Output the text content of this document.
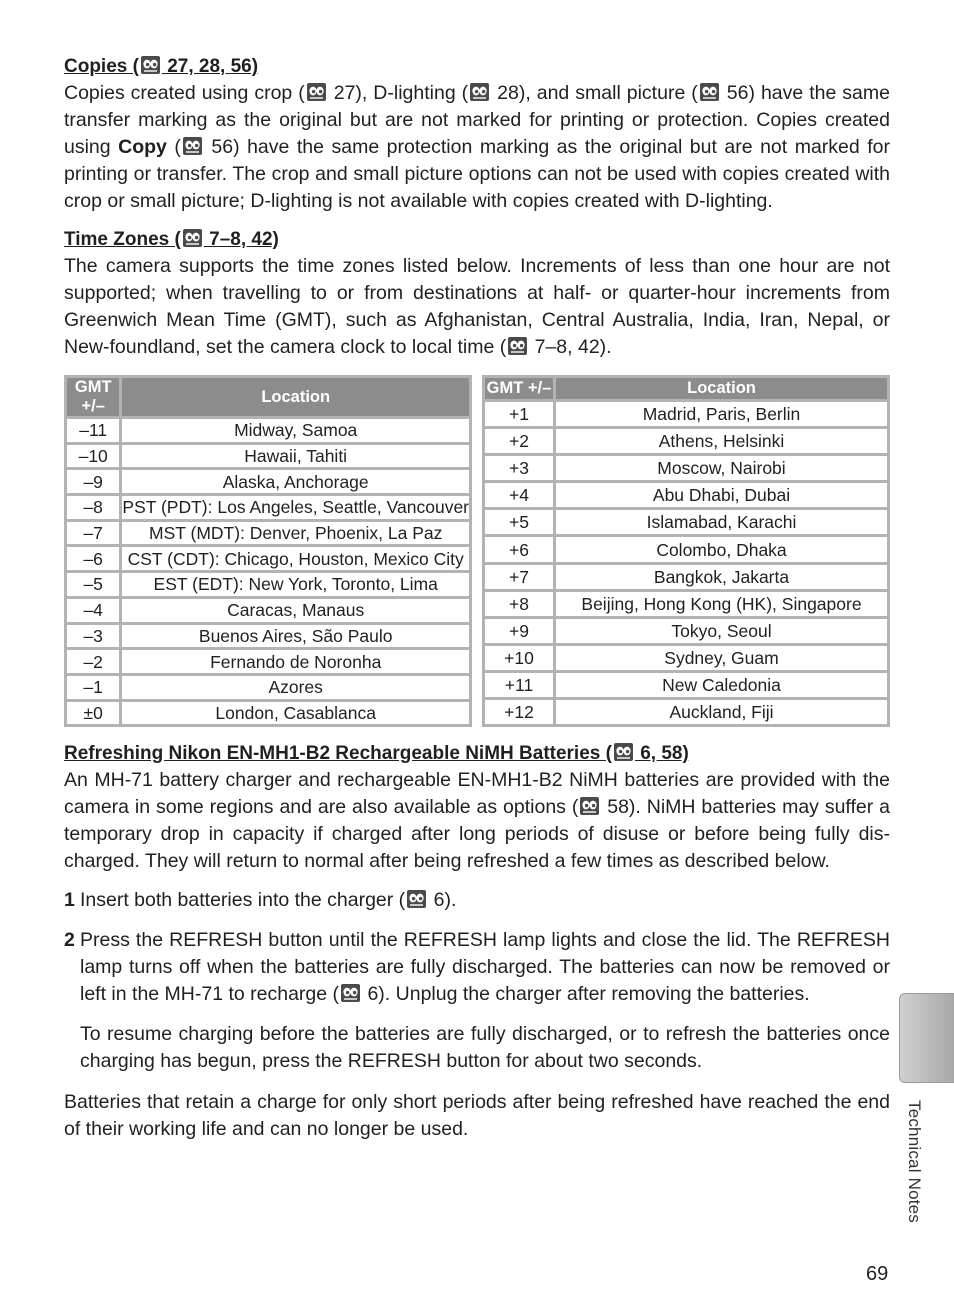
Copies (
27, 28, 56)

Copies created using crop (
27), D-lighting (
28), and small picture (
56) have the same transfer marking as the original but are not marked for printing or protection. Copies created using Copy (
56) have the same protection marking as the original but are not marked for printing or transfer. The crop and small picture options can not be used with copies created with crop or small picture; D-lighting is not available with copies created with D-lighting.

Time Zones (
7–8, 42)

The camera supports the time zones listed below. Increments of less than one hour are not supported; when travelling to or from destinations at half- or quarter-hour increments from Greenwich Mean Time (GMT), such as Afghanistan, Central Australia, India, Iran, Nepal, or New-foundland, set the camera clock to local time (
7–8, 42).

GMT +/–	Location
–11	Midway, Samoa
–10	Hawaii, Tahiti
–9	Alaska, Anchorage
–8	PST (PDT): Los Angeles, Seattle, Vancouver
–7	MST (MDT): Denver, Phoenix, La Paz
–6	CST (CDT): Chicago, Houston, Mexico City
–5	EST (EDT): New York, Toronto, Lima
–4	Caracas, Manaus
–3	Buenos Aires, São Paulo
–2	Fernando de Noronha
–1	Azores
±0	London, Casablanca
GMT +/–	Location
+1	Madrid, Paris, Berlin
+2	Athens, Helsinki
+3	Moscow, Nairobi
+4	Abu Dhabi, Dubai
+5	Islamabad, Karachi
+6	Colombo, Dhaka
+7	Bangkok, Jakarta
+8	Beijing, Hong Kong (HK), Singapore
+9	Tokyo, Seoul
+10	Sydney, Guam
+11	New Caledonia
+12	Auckland, Fiji

Refreshing Nikon EN-MH1-B2 Rechargeable NiMH Batteries (
6, 58)

An MH-71 battery charger and rechargeable EN-MH1-B2 NiMH batteries are provided with the camera in some regions and are also available as options (
58). NiMH batteries may suffer a temporary drop in capacity if charged after long periods of disuse or before being fully dis-charged. They will return to normal after being refreshed a few times as described below.

1 Insert both batteries into the charger (
6).

2 Press the REFRESH button until the REFRESH lamp lights and close the lid. The REFRESH lamp turns off when the batteries are fully discharged. The batteries can now be removed or left in the MH-71 to recharge (
6). Unplug the charger after removing the batteries.

To resume charging before the batteries are fully discharged, or to refresh the batteries once charging has begun, press the REFRESH button for about two seconds.

Batteries that retain a charge for only short periods after being refreshed have reached the end of their working life and can no longer be used.	Technical Notes
69
